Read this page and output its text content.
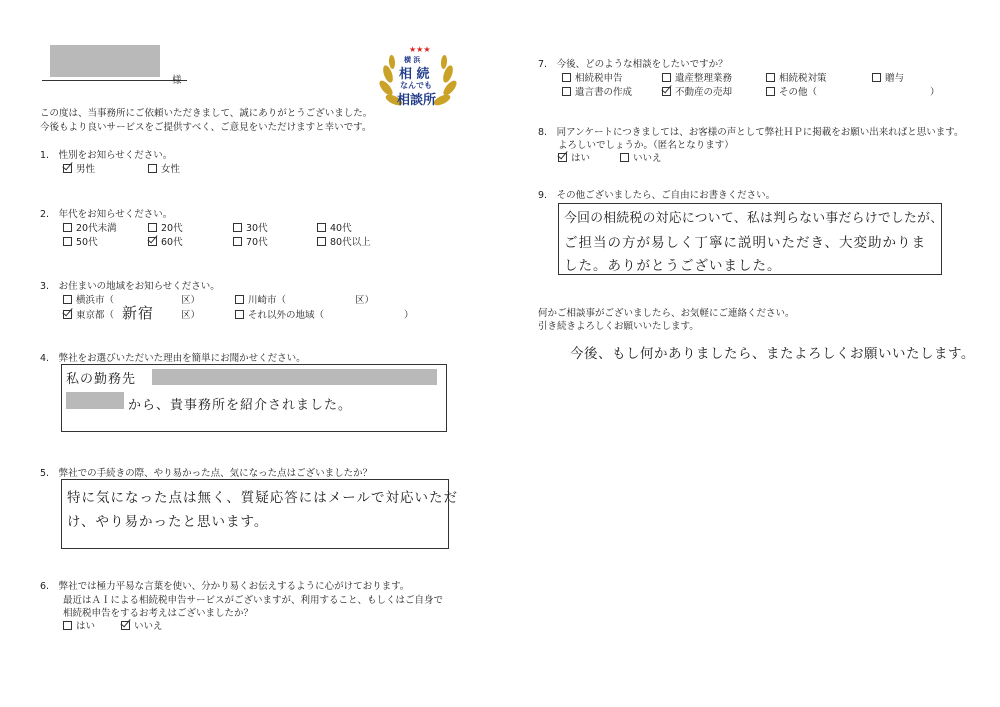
様
★★★
横 浜
相 続
なんでも
相談所
この度は、当事務所にご依頼いただきまして、誠にありがとうございました。
今後もより良いサービスをご提供すべく、ご意見をいただけますと幸いです。
1.　性別をお知らせください。
男性	女性
2.　年代をお知らせください。
20代未満	20代	30代	40代
50代	60代	70代	80代以上
3.　お住まいの地域をお知らせください。
横浜市（	区）	川崎市（	区）
東京都（ 新宿	区）	それ以外の地域（	）
4.　弊社をお選びいただいた理由を簡単にお聞かせください。
私の勤務先
から、貴事務所を紹介されました。
5.　弊社での手続きの際、やり易かった点、気になった点はございましたか？
特に気になった点は無く、質疑応答にはメールで対応いただ
け、やり易かったと思います。
6.　弊社では極力平易な言葉を使い、分かり易くお伝えするように心がけております。
最近はＡＩによる相続税申告サービスがございますが、利用すること、もしくはご自身で
相続税申告をするお考えはございましたか？
はい	いいえ
7.　今後、どのような相談をしたいですか？
相続税申告	遺産整理業務	相続税対策	贈与
遺言書の作成	不動産の売却	その他（	）
8.　同アンケートにつきましては、お客様の声として弊社ＨＰに掲載をお願い出来ればと思います。
よろしいでしょうか。（匿名となります）
はい	いいえ
9.　その他ございましたら、ご自由にお書きください。
今回の相続税の対応について、私は判らない事だらけでしたが、
ご担当の方が易しく丁寧に説明いただき、大変助かりま
した。ありがとうございました。
何かご相談事がございましたら、お気軽にご連絡ください。
引き続きよろしくお願いいたします。
今後、もし何かありましたら、またよろしくお願いいたします。
